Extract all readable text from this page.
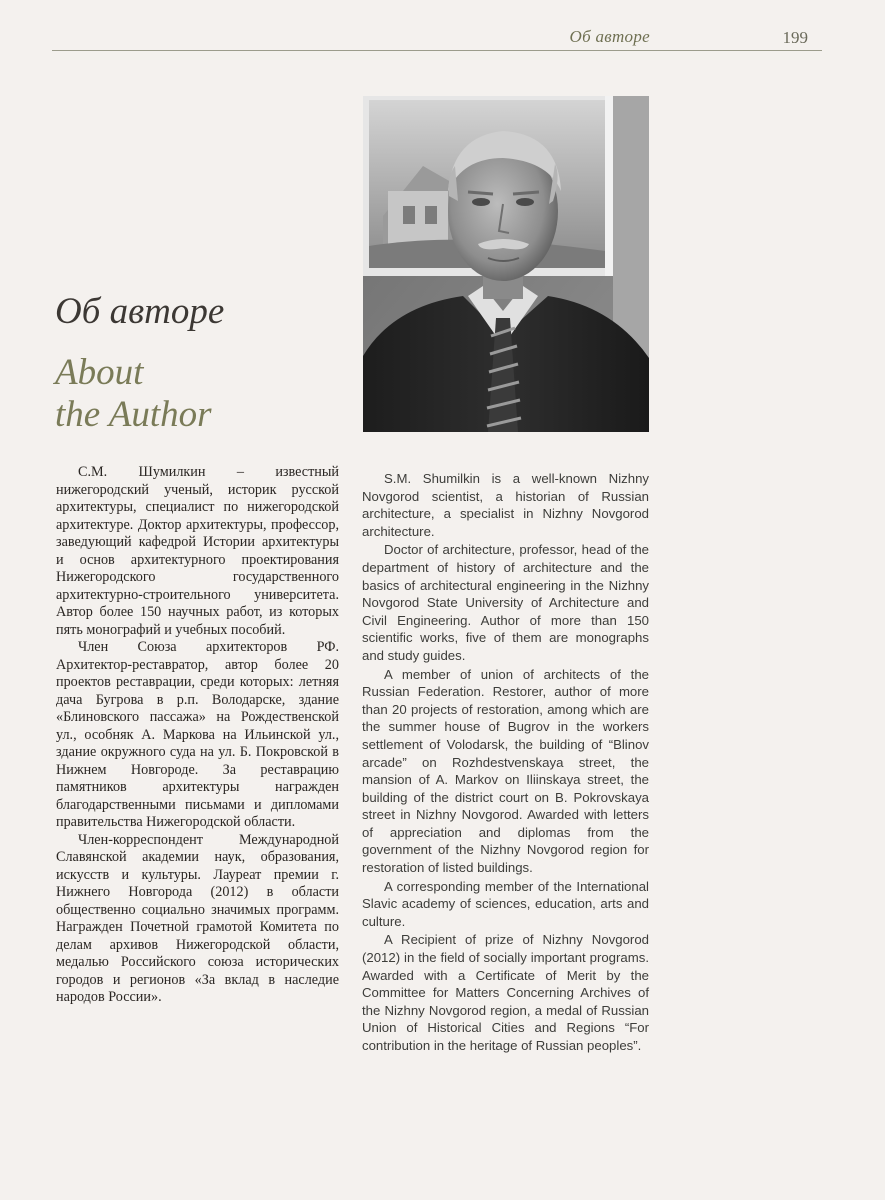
Об авторе	199
Об авторе
About
the Author

С.М. Шумилкин – известный нижегородский ученый, историк русской архитектуры, специалист по нижегородской архитектуре. Доктор архитектуры, профессор, заведующий кафедрой Истории архитектуры и основ архитектурного проектирования Нижегородского государственного архитектурно-строительного университета. Автор более 150 научных работ, из которых пять монографий и учебных пособий.

Член Союза архитекторов РФ. Архитектор-реставратор, автор более 20 проектов реставрации, среди которых: летняя дача Бугрова в р.п. Володарске, здание «Блиновского пассажа» на Рождественской ул., особняк А. Маркова на Ильинской ул., здание окружного суда на ул. Б. Покровской в Нижнем Новгороде. За реставрацию памятников архитектуры награжден благодарственными письмами и дипломами правительства Нижегородской области.

Член-корреспондент Международной Славянской академии наук, образования, искусств и культуры. Лауреат премии г. Нижнего Новгорода (2012) в области общественно социально значимых программ. Награжден Почетной грамотой Комитета по делам архивов Нижегородской области, медалью Российского союза исторических городов и регионов «За вклад в наследие народов России».

S.M. Shumilkin is a well-known Nizhny Novgorod scientist, a historian of Russian architecture, a specialist in Nizhny Novgorod architecture.

Doctor of architecture, professor, head of the department of history of architecture and the basics of architectural engineering in the Nizhny Novgorod State University of Architecture and Civil Engineering. Author of more than 150 scientific works, five of them are monographs and study guides.

A member of union of architects of the Russian Federation. Restorer, author of more than 20 projects of restoration, among which are the summer house of Bugrov in the workers settlement of Volodarsk, the building of “Blinov arcade” on Rozhdestvenskaya street, the mansion of A. Markov on Iliinskaya street, the building of the district court on B. Pokrovskaya street in Nizhny Novgorod. Awarded with letters of appreciation and diplomas from the government of the Nizhny Novgorod region for restoration of listed buildings.

A corresponding member of the International Slavic academy of sciences, education, arts and culture.

A Recipient of prize of Nizhny Novgorod (2012) in the field of socially important programs. Awarded with a Certificate of Merit by the Committee for Matters Concerning Archives of the Nizhny Novgorod region, a medal of Russian Union of Historical Cities and Regions “For contribution in the heritage of Russian peoples”.
